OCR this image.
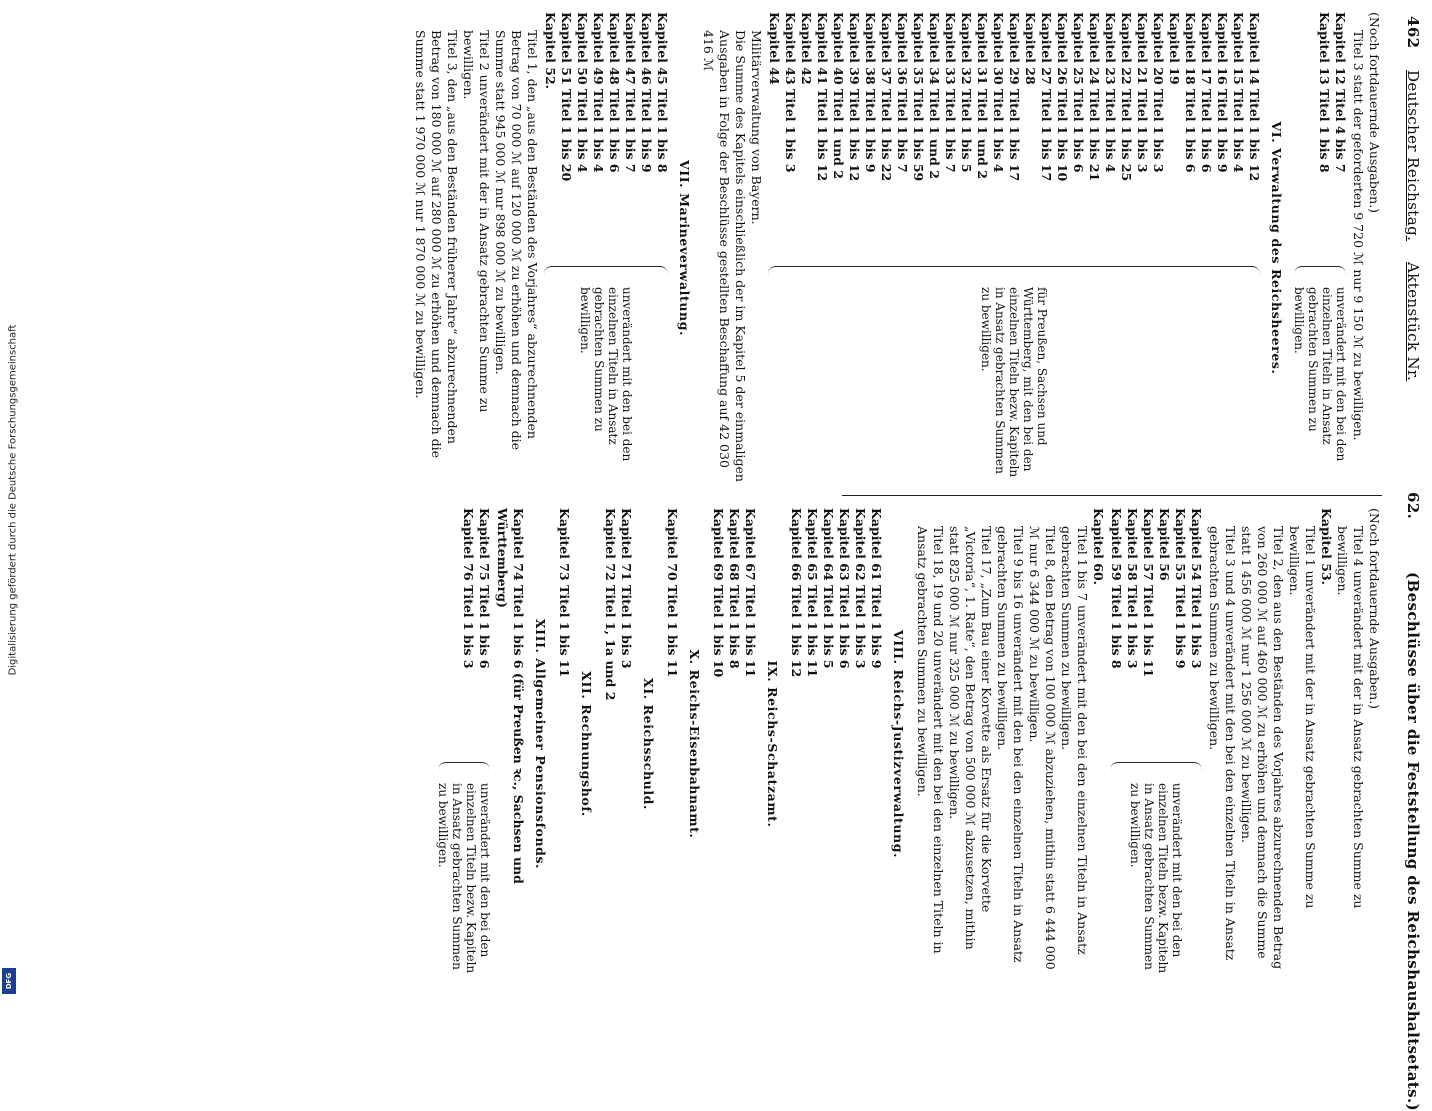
462
Deutscher Reichstag.
Aktenstück Nr.
62.
(Beschlüsse über die Feststellung des Reichshaushaltsetats.)

(Noch fortdauernde Ausgaben.)

Titel 3 statt der geforderten 9 720 ℳ nur 9 150 ℳ zu bewilligen.

Kapitel 12 Titel 4 bis 7
Kapitel 13 Titel 1 bis 8
unverändert mit den bei den einzelnen Titeln in Ansatz gebrachten Summen zu bewilligen.
VI. Verwaltung des Reichsheeres.
Kapitel 14 Titel 1 bis 12
Kapitel 15 Titel 1 bis 4
Kapitel 16 Titel 1 bis 9
Kapitel 17 Titel 1 bis 6
Kapitel 18 Titel 1 bis 6
Kapitel 19
Kapitel 20 Titel 1 bis 3
Kapitel 21 Titel 1 bis 3
Kapitel 22 Titel 1 bis 25
Kapitel 23 Titel 1 bis 4
Kapitel 24 Titel 1 bis 21
Kapitel 25 Titel 1 bis 6
Kapitel 26 Titel 1 bis 10
Kapitel 27 Titel 1 bis 17
Kapitel 28
Kapitel 29 Titel 1 bis 17
Kapitel 30 Titel 1 bis 4
Kapitel 31 Titel 1 und 2
Kapitel 32 Titel 1 bis 5
Kapitel 33 Titel 1 bis 7
Kapitel 34 Titel 1 und 2
Kapitel 35 Titel 1 bis 59
Kapitel 36 Titel 1 bis 7
Kapitel 37 Titel 1 bis 22
Kapitel 38 Titel 1 bis 9
Kapitel 39 Titel 1 bis 12
Kapitel 40 Titel 1 und 2
Kapitel 41 Titel 1 bis 12
Kapitel 42
Kapitel 43 Titel 1 bis 3
Kapitel 44
für Preußen, Sachsen und Württemberg, mit den bei den einzelnen Titeln bezw. Kapiteln in Ansatz gebrachten Summen zu bewilligen.

Militärverwaltung von Bayern.

Die Summe des Kapitels einschließlich der im Kapitel 5 der einmaligen Ausgaben in Folge der Beschlüsse gestellten Beschaffung auf 42 030 416 ℳ

VII. Marineverwaltung.
Kapitel 45 Titel 1 bis 8
Kapitel 46 Titel 1 bis 9
Kapitel 47 Titel 1 bis 7
Kapitel 48 Titel 1 bis 6
Kapitel 49 Titel 1 bis 4
Kapitel 50 Titel 1 bis 4
Kapitel 51 Titel 1 bis 20
Kapitel 52.
unverändert mit den bei den einzelnen Titeln in Ansatz gebrachten Summen zu bewilligen.

Titel 1, den „aus den Beständen des Vorjahres“ abzurechnenden Betrag von 70 000 ℳ auf 120 000 ℳ zu erhöhen und demnach die Summe statt 945 000 ℳ nur 898 000 ℳ zu bewilligen.

Titel 2 unverändert mit der in Ansatz gebrachten Summe zu bewilligen.

Titel 3, den „aus den Beständen früherer Jahre“ abzurechnenden Betrag von 180 000 ℳ auf 280 000 ℳ zu erhöhen und demnach die Summe statt 1 970 000 ℳ nur 1 870 000 ℳ zu bewilligen.

(Noch fortdauernde Ausgaben.)

Titel 4 unverändert mit der in Ansatz gebrachten Summe zu bewilligen.

Kapitel 53.

Titel 1 unverändert mit der in Ansatz gebrachten Summe zu bewilligen.

Titel 2, den aus den Beständen des Vorjahres abzurechnenden Betrag von 260 000 ℳ auf 460 000 ℳ zu erhöhen und demnach die Summe statt 1 456 000 ℳ nur 1 256 000 ℳ zu bewilligen.

Titel 3 und 4 unverändert mit den bei den einzelnen Titeln in Ansatz gebrachten Summen zu bewilligen.

Kapitel 54 Titel 1 bis 3
Kapitel 55 Titel 1 bis 9
Kapitel 56
Kapitel 57 Titel 1 bis 11
Kapitel 58 Titel 1 bis 3
Kapitel 59 Titel 1 bis 8
unverändert mit den bei den einzelnen Titeln bezw. Kapiteln in Ansatz gebrachten Summen zu bewilligen.
Kapitel 60.

Titel 1 bis 7 unverändert mit den bei den einzelnen Titeln in Ansatz gebrachten Summen zu bewilligen.

Titel 8, den Betrag von 100 000 ℳ abzuziehen, mithin statt 6 444 000 ℳ nur 6 344 000 ℳ zu bewilligen.

Titel 9 bis 16 unverändert mit den bei den einzelnen Titeln in Ansatz gebrachten Summen zu bewilligen.

Titel 17, „Zum Bau einer Korvette als Ersatz für die Korvette „Victoria“, 1. Rate“, den Betrag von 500 000 ℳ abzusetzen, mithin statt 825 000 ℳ nur 325 000 ℳ zu bewilligen.

Titel 18, 19 und 20 unverändert mit den bei den einzelnen Titeln in Ansatz gebrachten Summen zu bewilligen.

VIII. Reichs-Justizverwaltung.
Kapitel 61 Titel 1 bis 9
Kapitel 62 Titel 1 bis 3
Kapitel 63 Titel 1 bis 6
Kapitel 64 Titel 1 bis 5
Kapitel 65 Titel 1 bis 11
Kapitel 66 Titel 1 bis 12
IX. Reichs-Schatzamt.
Kapitel 67 Titel 1 bis 11
Kapitel 68 Titel 1 bis 8
Kapitel 69 Titel 1 bis 10
X. Reichs-Eisenbahnamt.
Kapitel 70 Titel 1 bis 11
XI. Reichsschuld.
Kapitel 71 Titel 1 bis 3
Kapitel 72 Titel 1, 1a und 2
XII. Rechnungshof.
Kapitel 73 Titel 1 bis 11
XIII. Allgemeiner Pensionsfonds.
Kapitel 74 Titel 1 bis 6 (für Preußen ꝛc., Sachsen und Württemberg)
Kapitel 75 Titel 1 bis 6
Kapitel 76 Titel 1 bis 3
unverändert mit den bei den einzelnen Titeln bezw. Kapiteln in Ansatz gebrachten Summen zu bewilligen.
Digitalisierung gefördert durch die Deutsche Forschungsgemeinschaft
DFG
